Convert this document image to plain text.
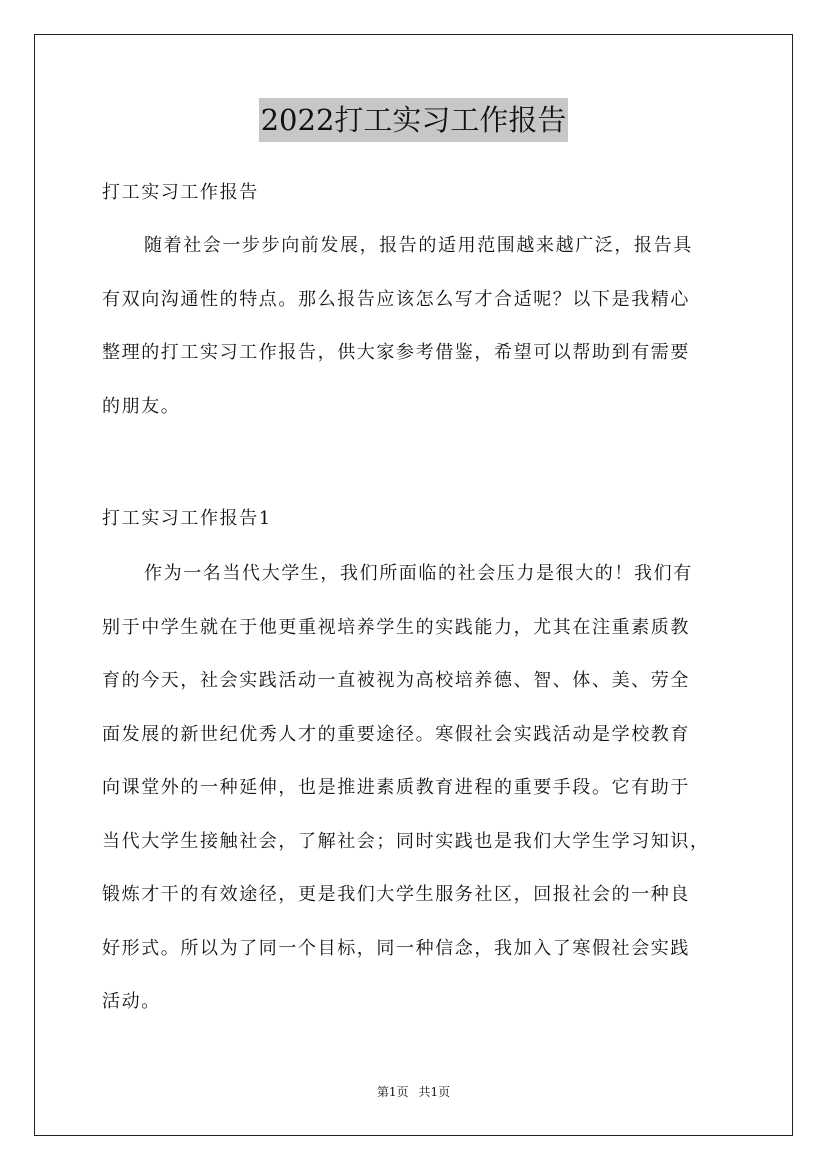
2022打工实习工作报告
打工实习工作报告
随着社会一步步向前发展，报告的适用范围越来越广泛，报告具
有双向沟通性的特点。那么报告应该怎么写才合适呢？以下是我精心
整理的打工实习工作报告，供大家参考借鉴，希望可以帮助到有需要
的朋友。
打工实习工作报告1
作为一名当代大学生，我们所面临的社会压力是很大的！我们有
别于中学生就在于他更重视培养学生的实践能力，尤其在注重素质教
育的今天，社会实践活动一直被视为高校培养德、智、体、美、劳全
面发展的新世纪优秀人才的重要途径。寒假社会实践活动是学校教育
向课堂外的一种延伸，也是推进素质教育进程的重要手段。它有助于
当代大学生接触社会，了解社会；同时实践也是我们大学生学习知识，
锻炼才干的有效途径，更是我们大学生服务社区，回报社会的一种良
好形式。所以为了同一个目标，同一种信念，我加入了寒假社会实践
活动。
第1页 共1页
